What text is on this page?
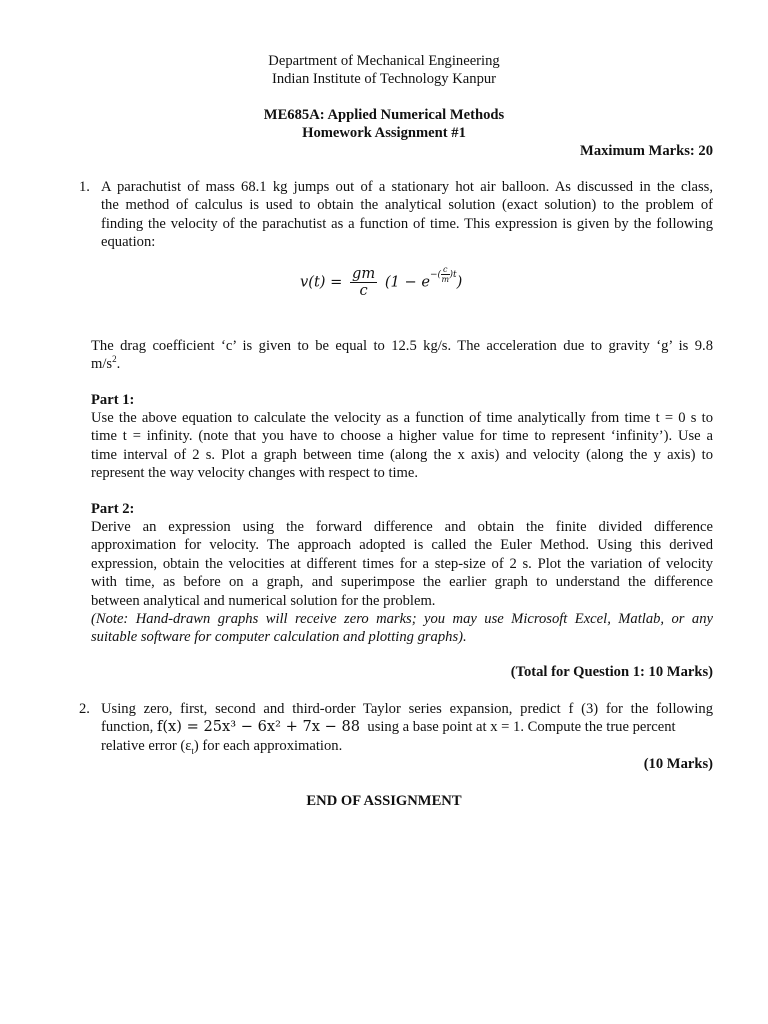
Department of Mechanical Engineering
Indian Institute of Technology Kanpur
ME685A: Applied Numerical Methods
Homework Assignment #1
Maximum Marks: 20
1. A parachutist of mass 68.1 kg jumps out of a stationary hot air balloon. As discussed in the class,
the method of calculus is used to obtain the analytical solution (exact solution) to the problem of
finding the velocity of the parachutist as a function of time. This expression is given by the following
equation:
$v(t) = \frac{gm}{c} (1 - e^{-( \frac{c}{m} )t})$
The drag coefficient ‘c’ is given to be equal to 12.5 kg/s. The acceleration due to gravity ‘g’ is 9.8
$m/s^2$.
Part 1:
Use the above equation to calculate the velocity as a function of time analytically from time t = 0 s to
time t = infinity. (note that you have to choose a higher value for time to represent ‘infinity’). Use a
time interval of 2 s. Plot a graph between time (along the x axis) and velocity (along the y axis) to
represent the way velocity changes with respect to time.
Part 2:
Derive an expression using the forward difference and obtain the finite divided difference
approximation for velocity. The approach adopted is called the Euler Method. Using this derived
expression, obtain the velocities at different times for a step-size of 2 s. Plot the variation of velocity
with time, as before on a graph, and superimpose the earlier graph to understand the difference
between analytical and numerical solution for the problem.
(Note: Hand-drawn graphs will receive zero marks; you may use Microsoft Excel, Matlab, or any
suitable software for computer calculation and plotting graphs).
(Total for Question 1: 10 Marks)
2. Using zero, first, second and third-order Taylor series expansion, predict f (3) for the following
function, f(x) = 25x³ − 6x² + 7x − 88 using a base point at x = 1. Compute the true percent
relative error $(\varepsilon_t)$ for each approximation.
(10 Marks)
END OF ASSIGNMENT
